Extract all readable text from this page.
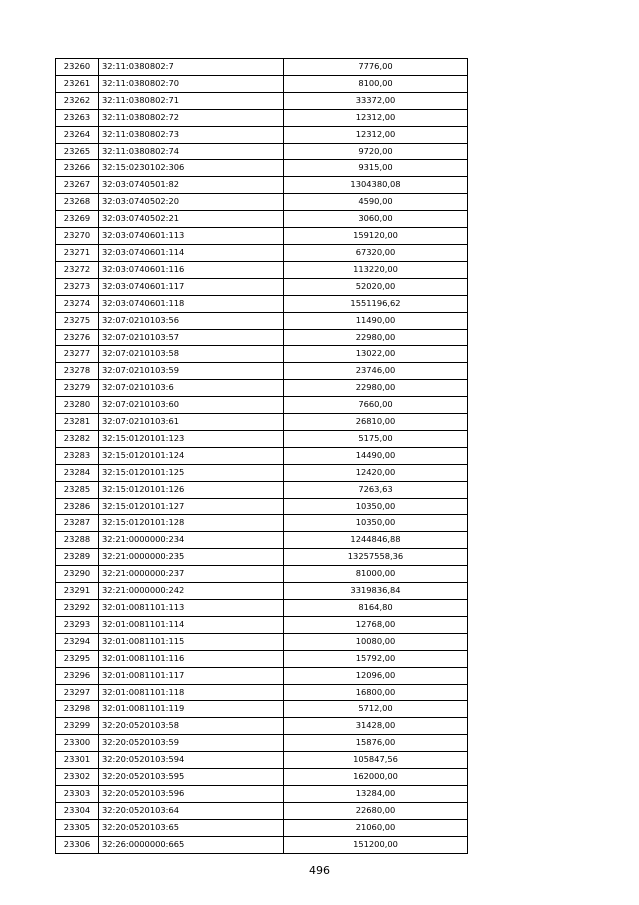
23260	32:11:0380802:7	7776,00
23261	32:11:0380802:70	8100,00
23262	32:11:0380802:71	33372,00
23263	32:11:0380802:72	12312,00
23264	32:11:0380802:73	12312,00
23265	32:11:0380802:74	9720,00
23266	32:15:0230102:306	9315,00
23267	32:03:0740501:82	1304380,08
23268	32:03:0740502:20	4590,00
23269	32:03:0740502:21	3060,00
23270	32:03:0740601:113	159120,00
23271	32:03:0740601:114	67320,00
23272	32:03:0740601:116	113220,00
23273	32:03:0740601:117	52020,00
23274	32:03:0740601:118	1551196,62
23275	32:07:0210103:56	11490,00
23276	32:07:0210103:57	22980,00
23277	32:07:0210103:58	13022,00
23278	32:07:0210103:59	23746,00
23279	32:07:0210103:6	22980,00
23280	32:07:0210103:60	7660,00
23281	32:07:0210103:61	26810,00
23282	32:15:0120101:123	5175,00
23283	32:15:0120101:124	14490,00
23284	32:15:0120101:125	12420,00
23285	32:15:0120101:126	7263,63
23286	32:15:0120101:127	10350,00
23287	32:15:0120101:128	10350,00
23288	32:21:0000000:234	1244846,88
23289	32:21:0000000:235	13257558,36
23290	32:21:0000000:237	81000,00
23291	32:21:0000000:242	3319836,84
23292	32:01:0081101:113	8164,80
23293	32:01:0081101:114	12768,00
23294	32:01:0081101:115	10080,00
23295	32:01:0081101:116	15792,00
23296	32:01:0081101:117	12096,00
23297	32:01:0081101:118	16800,00
23298	32:01:0081101:119	5712,00
23299	32:20:0520103:58	31428,00
23300	32:20:0520103:59	15876,00
23301	32:20:0520103:594	105847,56
23302	32:20:0520103:595	162000,00
23303	32:20:0520103:596	13284,00
23304	32:20:0520103:64	22680,00
23305	32:20:0520103:65	21060,00
23306	32:26:0000000:665	151200,00
496
